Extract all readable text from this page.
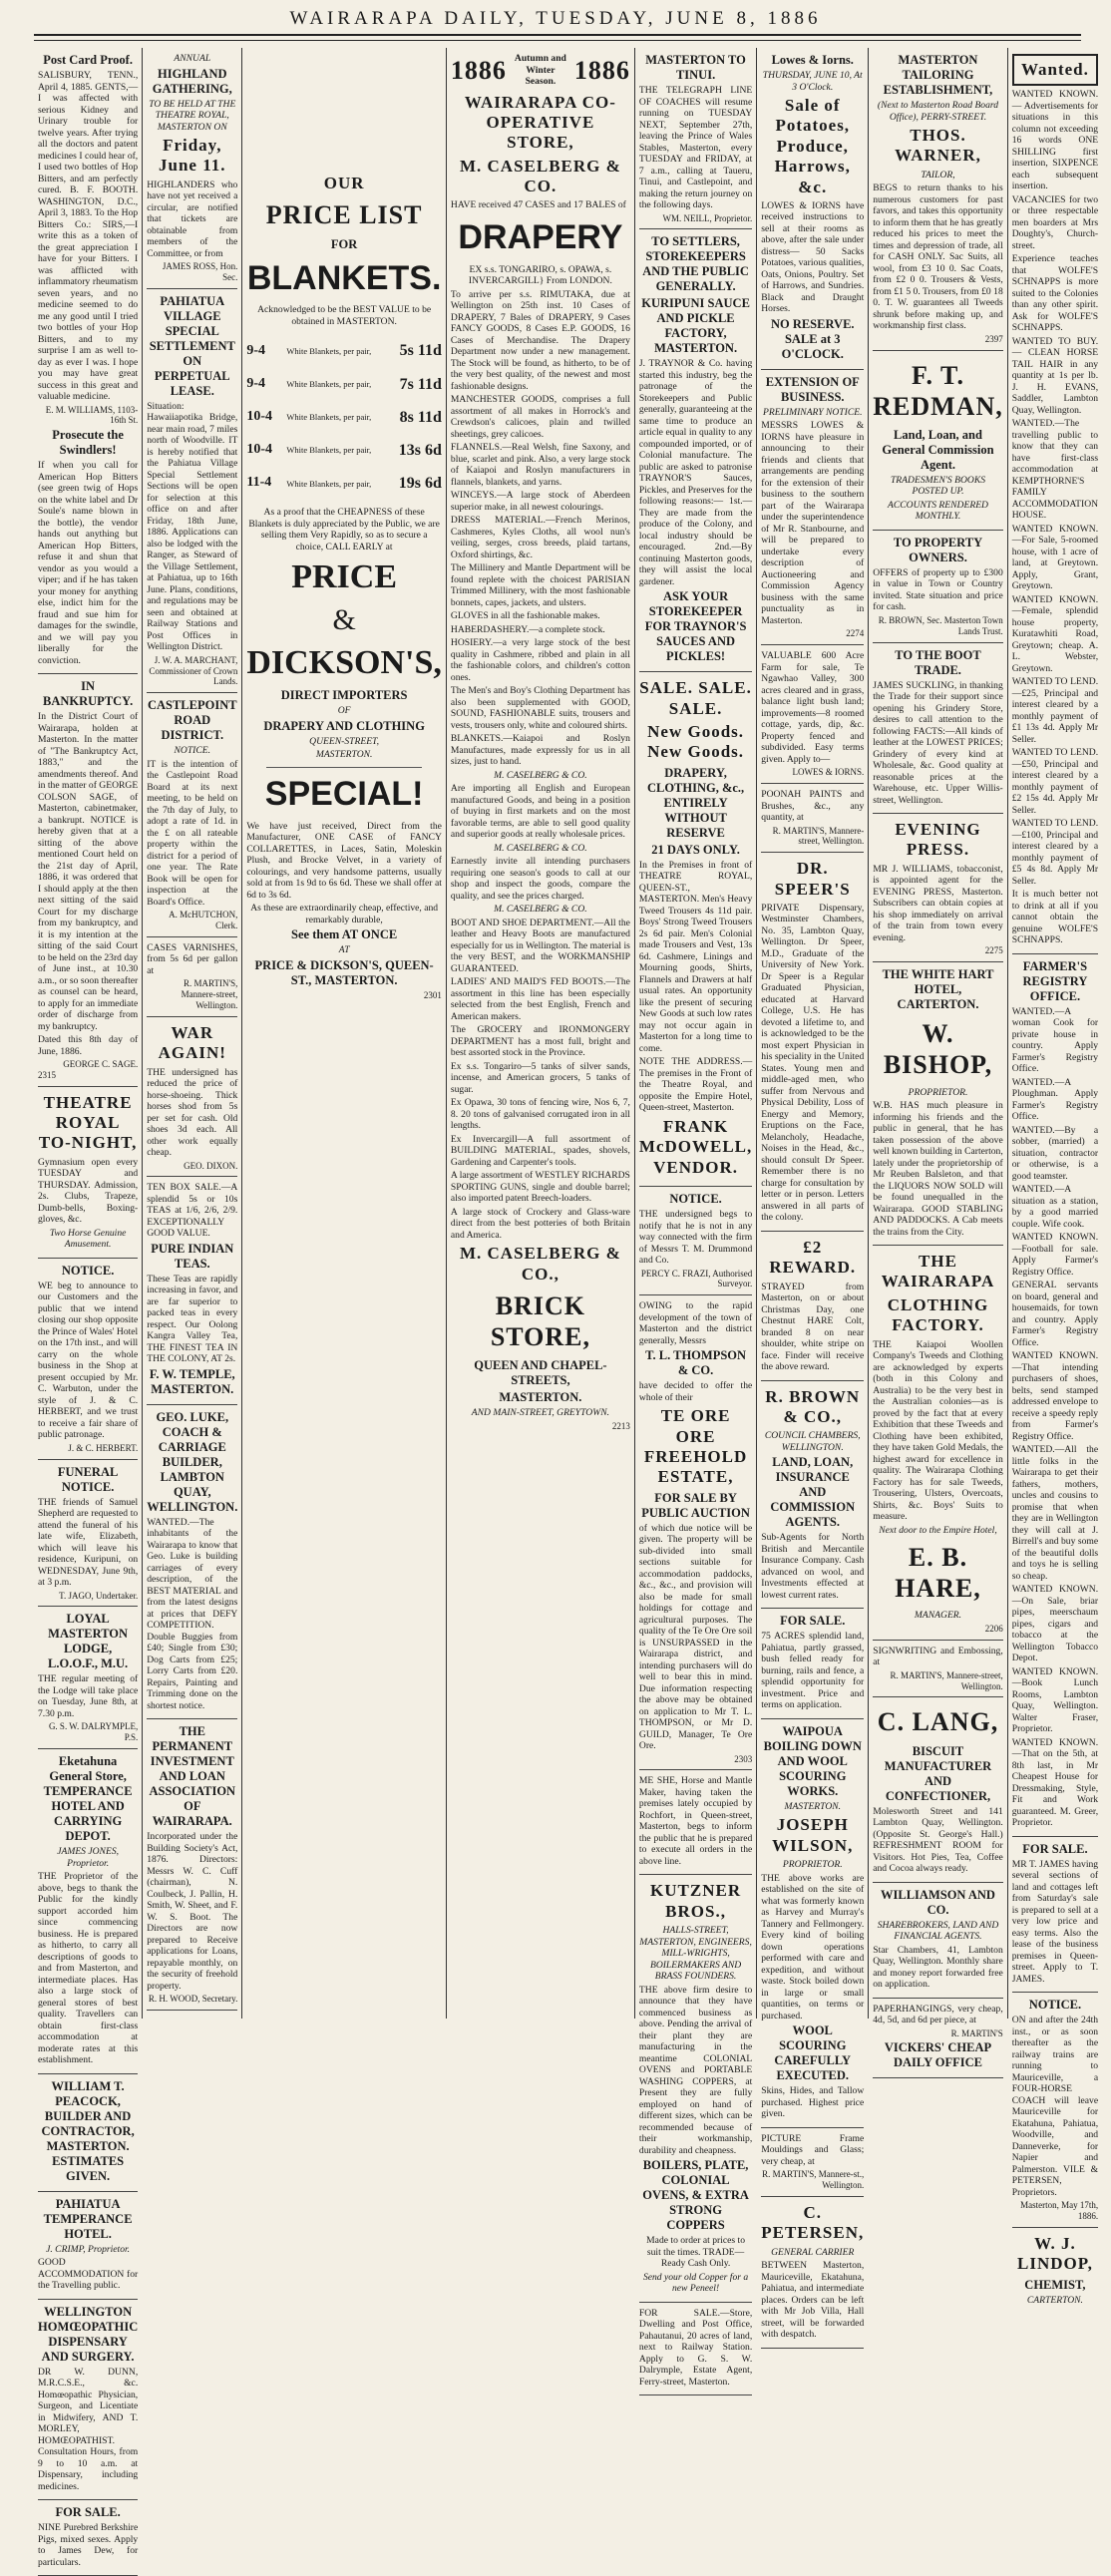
WAIRARAPA DAILY, TUESDAY, JUNE 8, 1886
Post Card Proof.
SALISBURY, TENN., April 4, 1885. GENTS,—I was affected with serious Kidney and Urinary trouble for twelve years. After trying all the doctors and patent medicines I could hear of, I used two bottles of Hop Bitters, and am perfectly cured. B. F. BOOTH. WASHINGTON, D.C., April 3, 1883. To the Hop Bitters Co.: SIRS,—I write this as a token of the great appreciation I have for your Bitters. I was afflicted with inflammatory rheumatism seven years, and no medicine seemed to do me any good until I tried two bottles of your Hop Bitters, and to my surprise I am as well to-day as ever I was. I hope you may have great success in this great and valuable medicine.
E. M. WILLIAMS, 1103-16th St.
Prosecute the Swindlers!
If when you call for American Hop Bitters (see green twig of Hops on the white label and Dr Soule's name blown in the bottle), the vendor hands out anything but American Hop Bitters, refuse it and shun that vendor as you would a viper; and if he has taken your money for anything else, indict him for the fraud and sue him for damages for the swindle, and we will pay you liberally for the conviction.
IN BANKRUPTCY.
In the District Court of Wairarapa, holden at Masterton. In the matter of "The Bankruptcy Act, 1883," and the amendments thereof. And in the matter of GEORGE COLSON SAGE, of Masterton, cabinetmaker, a bankrupt. NOTICE is hereby given that at a sitting of the above mentioned Court held on the 21st day of April, 1886, it was ordered that I should apply at the then next sitting of the said Court for my discharge from my bankruptcy, and it is my intention at the sitting of the said Court to be held on the 23rd day of June inst., at 10.30 a.m., or so soon thereafter as counsel can be heard, to apply for an immediate order of discharge from my bankruptcy.
Dated this 8th day of June, 1886.
GEORGE C. SAGE.
2315
THEATRE ROYAL TO-NIGHT,
Gymnasium open every TUESDAY and THURSDAY. Admission, 2s. Clubs, Trapeze, Dumb-bells, Boxing-gloves, &c.
Two Horse Genuine Amusement.
NOTICE.
WE beg to announce to our Customers and the public that we intend closing our shop opposite the Prince of Wales' Hotel on the 17th inst., and will carry on the whole business in the Shop at present occupied by Mr. C. Warbuton, under the style of J. & C. HERBERT, and we trust to receive a fair share of public patronage.
J. & C. HERBERT.
FUNERAL NOTICE.
THE friends of Samuel Shepherd are requested to attend the funeral of his late wife, Elizabeth, which will leave his residence, Kuripuni, on WEDNESDAY, June 9th, at 3 p.m.
T. JAGO, Undertaker.
LOYAL MASTERTON LODGE, L.O.O.F., M.U.
THE regular meeting of the Lodge will take place on Tuesday, June 8th, at 7.30 p.m.
G. S. W. DALRYMPLE, P.S.
Eketahuna General Store, TEMPERANCE HOTEL AND CARRYING DEPOT.
JAMES JONES, Proprietor.
THE Proprietor of the above, begs to thank the Public for the kindly support accorded him since commencing business. He is prepared as hitherto, to carry all descriptions of goods to and from Masterton, and intermediate places. Has also a large stock of general stores of best quality. Travellers can obtain first-class accommodation at moderate rates at this establishment.
WILLIAM T. PEACOCK, BUILDER AND CONTRACTOR, MASTERTON. ESTIMATES GIVEN.
PAHIATUA TEMPERANCE HOTEL.
J. CRIMP, Proprietor.
GOOD ACCOMMODATION for the Travelling public.
WELLINGTON HOMŒOPATHIC DISPENSARY AND SURGERY.
DR W. DUNN, M.R.C.S.E., &c. Homœopathic Physician, Surgeon, and Licentiate in Midwifery, AND T. MORLEY, HOMŒOPATHIST. Consultation Hours, from 9 to 10 a.m. at Dispensary, including medicines.
FOR SALE.
NINE Purebred Berkshire Pigs, mixed sexes. Apply to James Dew, for particulars.
ANNUAL
HIGHLAND GATHERING,
TO BE HELD AT THE THEATRE ROYAL, MASTERTON ON
Friday, June 11.
HIGHLANDERS who have not yet received a circular, are notified that tickets are obtainable from members of the Committee, or from
JAMES ROSS, Hon. Sec.
PAHIATUA VILLAGE SPECIAL SETTLEMENT ON PERPETUAL LEASE.
Situation: Hawaiiapotika Bridge, near main road, 7 miles north of Woodville. IT is hereby notified that the Pahiatua Village Special Settlement Sections will be open for selection at this office on and after Friday, 18th June, 1886. Applications can also be lodged with the Ranger, as Steward of the Village Settlement, at Pahiatua, up to 16th June. Plans, conditions, and regulations may be seen and obtained at Railway Stations and Post Offices in Wellington District.
J. W. A. MARCHANT, Commissioner of Crown Lands.
CASTLEPOINT ROAD DISTRICT.
NOTICE.
IT is the intention of the Castlepoint Road Board at its next meeting, to be held on the 7th day of July, to adopt a rate of 1d. in the £ on all rateable property within the district for a period of one year. The Rate Book will be open for inspection at the Board's Office.
A. McHUTCHON, Clerk.
CASES VARNISHES, from 5s 6d per gallon at
R. MARTIN'S, Mannere-street, Wellington.
WAR AGAIN!
THE undersigned has reduced the price of horse-shoeing. Thick horses shod from 5s per set for cash. Old shoes 3d each. All other work equally cheap.
GEO. DIXON.
TEN BOX SALE.—A splendid 5s or 10s TEAS at 1/6, 2/6, 2/9. EXCEPTIONALLY GOOD VALUE.
PURE INDIAN TEAS.
These Teas are rapidly increasing in favor, and are far superior to packed teas in every respect. Our Oolong Kangra Valley Tea, THE FINEST TEA IN THE COLONY, AT 2s.
F. W. TEMPLE, MASTERTON.
GEO. LUKE, COACH & CARRIAGE BUILDER, LAMBTON QUAY, WELLINGTON.
WANTED.—The inhabitants of the Wairarapa to know that Geo. Luke is building carriages of every description, of the BEST MATERIAL and from the latest designs at prices that DEFY COMPETITION. Double Buggies from £40; Single from £30; Dog Carts from £25; Lorry Carts from £20. Repairs, Painting and Trimming done on the shortest notice.
THE PERMANENT INVESTMENT AND LOAN ASSOCIATION OF WAIRARAPA.
Incorporated under the Building Society's Act, 1876. Directors: Messrs W. C. Cuff (chairman), N. Coulbeck, J. Pallin, H. Smith, W. Sheet, and F. W. S. Boot. The Directors are now prepared to Receive applications for Loans, repayable monthly, on the security of freehold property.
R. H. WOOD, Secretary.
OUR
PRICE LIST
FOR
BLANKETS.
Acknowledged to be the BEST VALUE to be obtained in MASTERTON.
9-4	White Blankets, per pair,	5s 11d
9-4	White Blankets, per pair,	7s 11d
10-4	White Blankets, per pair,	8s 11d
10-4	White Blankets, per pair,	13s 6d
11-4	White Blankets, per pair,	19s 6d
As a proof that the CHEAPNESS of these Blankets is duly appreciated by the Public, we are selling them Very Rapidly, so as to secure a choice, CALL EARLY at
PRICE
&
DICKSON'S,
DIRECT IMPORTERS
OF
DRAPERY AND CLOTHING
QUEEN-STREET,
MASTERTON.
SPECIAL!
We have just received, Direct from the Manufacturer, ONE CASE of FANCY COLLARETTES, in Laces, Satin, Moleskin Plush, and Brocke Velvet, in a variety of colourings, and very handsome patterns, usually sold at from 1s 9d to 6s 6d. These we shall offer at 6d to 3s 6d.
As these are extraordinarily cheap, effective, and remarkably durable,
See them AT ONCE
AT
PRICE & DICKSON'S, QUEEN-ST., MASTERTON.
2301
1886 Autumn and Winter Season. 1886
WAIRARAPA CO-OPERATIVE STORE,
M. CASELBERG & CO.
HAVE received 47 CASES and 17 BALES of
DRAPERY
EX s.s. TONGARIRO, s. OPAWA, s. INVERCARGILL} From LONDON.
To arrive per s.s. RIMUTAKA, due at Wellington on 25th inst. 10 Cases of DRAPERY, 7 Bales of DRAPERY, 9 Cases FANCY GOODS, 8 Cases E.P. GOODS, 16 Cases of Merchandise. The Drapery Department now under a new management. The Stock will be found, as hitherto, to be of the very best quality, of the newest and most fashionable designs.
MANCHESTER GOODS, comprises a full assortment of all makes in Horrock's and Crewdson's calicoes, plain and twilled sheetings, grey calicoes.
FLANNELS.—Real Welsh, fine Saxony, and blue, scarlet and pink. Also, a very large stock of Kaiapoi and Roslyn manufacturers in flannels, blankets, and yarns.
WINCEYS.—A large stock of Aberdeen superior make, in all newest colourings.
DRESS MATERIAL.—French Merinos, Cashmeres, Kyles Cloths, all wool nun's veiling, serges, cross breeds, plaid tartans, Oxford shirtings, &c.
The Millinery and Mantle Department will be found replete with the choicest PARISIAN Trimmed Millinery, with the most fashionable bonnets, capes, jackets, and ulsters.
GLOVES in all the fashionable makes.
HABERDASHERY.—a complete stock.
HOSIERY.—a very large stock of the best quality in Cashmere, ribbed and plain in all the fashionable colors, and children's cotton ones.
The Men's and Boy's Clothing Department has also been supplemented with GOOD, SOUND, FASHIONABLE suits, trousers and vests, trousers only, white and coloured shirts.
BLANKETS.—Kaiapoi and Roslyn Manufactures, made expressly for us in all sizes, just to hand.
M. CASELBERG & CO.
Are importing all English and European manufactured Goods, and being in a position of buying in first markets and on the most favorable terms, are able to sell good quality and superior goods at really wholesale prices.
M. CASELBERG & CO.
Earnestly invite all intending purchasers requiring one season's goods to call at our shop and inspect the goods, compare the quality, and see the prices charged.
M. CASELBERG & CO.
BOOT AND SHOE DEPARTMENT.—All the leather and Heavy Boots are manufactured especially for us in Wellington. The material is the very BEST, and the WORKMANSHIP GUARANTEED.
LADIES' AND MAID'S FED BOOTS.—The assortment in this line has been especially selected from the best English, French and American makers.
The GROCERY and IRONMONGERY DEPARTMENT has a most full, bright and best assorted stock in the Province.
Ex s.s. Tongariro—5 tanks of silver sands, incense, and American grocers, 5 tanks of sugar.
Ex Opawa, 30 tons of fencing wire, Nos 6, 7, 8. 20 tons of galvanised corrugated iron in all lengths.
Ex Invercargill—A full assortment of BUILDING MATERIAL, spades, shovels, Gardening and Carpenter's tools.
A large assortment of WESTLEY RICHARDS SPORTING GUNS, single and double barrel; also imported patent Breech-loaders.
A large stock of Crockery and Glass-ware direct from the best potteries of both Britain and America.
M. CASELBERG & CO.,
BRICK STORE,
QUEEN AND CHAPEL-STREETS,
MASTERTON.
AND MAIN-STREET, GREYTOWN.
2213
MASTERTON TO TINUI.
THE TELEGRAPH LINE OF COACHES will resume running on TUESDAY NEXT, September 27th, leaving the Prince of Wales Stables, Masterton, every TUESDAY and FRIDAY, at 7 a.m., calling at Taueru, Tinui, and Castlepoint, and making the return journey on the following days.
WM. NEILL, Proprietor.
TO SETTLERS, STOREKEEPERS AND THE PUBLIC GENERALLY.
KURIPUNI SAUCE AND PICKLE FACTORY, MASTERTON.
J. TRAYNOR & Co. having started this industry, beg the patronage of the Storekeepers and Public generally, guaranteeing at the same time to produce an article equal in quality to any compounded imported, or of Colonial manufacture. The public are asked to patronise TRAYNOR'S Sauces, Pickles, and Preserves for the following reasons:— 1st.—They are made from the produce of the Colony, and local industry should be encouraged. 2nd.—By continuing Masterton goods, they will assist the local gardener.
ASK YOUR STOREKEEPER FOR TRAYNOR'S SAUCES AND PICKLES!
SALE. SALE. SALE.
New Goods. New Goods.
DRAPERY, CLOTHING, &c., ENTIRELY WITHOUT RESERVE
21 DAYS ONLY.
In the Premises in front of THEATRE ROYAL, QUEEN-ST., MASTERTON. Men's Heavy Tweed Trousers 4s 11d pair. Boys' Strong Tweed Trousers 2s 6d pair. Men's Colonial made Trousers and Vest, 13s 6d. Cashmere, Linings and Mourning goods, Shirts, Flannels and Drawers at half usual rates. An opportunity like the present of securing New Goods at such low rates may not occur again in Masterton for a long time to come.
NOTE THE ADDRESS.— The premises in the Front of the Theatre Royal, and opposite the Empire Hotel, Queen-street, Masterton.
FRANK McDOWELL, VENDOR.
NOTICE.
THE undersigned begs to notify that he is not in any way connected with the firm of Messrs T. M. Drummond and Co.
PERCY C. FRAZI, Authorised Surveyor.
OWING to the rapid development of the town of Masterton and the district generally, Messrs
T. L. THOMPSON & CO.
have decided to offer the whole of their
TE ORE ORE FREEHOLD ESTATE,
FOR SALE BY PUBLIC AUCTION
of which due notice will be given. The property will be sub-divided into small sections suitable for accommodation paddocks, &c., &c., and provision will also be made for small holdings for cottage and agricultural purposes. The quality of the Te Ore Ore soil is UNSURPASSED in the Wairarapa district, and intending purchasers will do well to bear this in mind. Due information respecting the above may be obtained on application to Mr T. L. THOMPSON, or Mr D. GUILD, Manager, Te Ore Ore.
2303
ME SHE, Horse and Mantle Maker, having taken the premises lately occupied by Rochfort, in Queen-street, Masterton, begs to inform the public that he is prepared to execute all orders in the above line.
KUTZNER BROS.,
HALLS-STREET, MASTERTON, ENGINEERS, MILL-WRIGHTS, BOILERMAKERS AND BRASS FOUNDERS.
THE above firm desire to announce that they have commenced business as above. Pending the arrival of their plant they are manufacturing in the meantime COLONIAL OVENS and PORTABLE WASHING COPPERS, at Present they are fully employed on hand of different sizes, which can be recommended because of their workmanship, durability and cheapness.
BOILERS, PLATE, COLONIAL OVENS, & EXTRA STRONG COPPERS
Made to order at prices to suit the times. TRADE—Ready Cash Only.
Send your old Copper for a new Peneel!
FOR SALE.—Store, Dwelling and Post Office, Pahautanui, 20 acres of land, next to Railway Station. Apply to G. S. W. Dalrymple, Estate Agent, Ferry-street, Masterton.
Lowes & Iorns.
THURSDAY, JUNE 10, At 3 O'Clock.
Sale of Potatoes, Produce, Harrows, &c.
LOWES & IORNS have received instructions to sell at their rooms as above, after the sale under distress— 50 Sacks Potatoes, various qualities, Oats, Onions, Poultry. Set of Harrows, and Sundries. Black and Draught Horses.
NO RESERVE. SALE at 3 O'CLOCK.
EXTENSION OF BUSINESS.
PRELIMINARY NOTICE.
MESSRS LOWES & IORNS have pleasure in announcing to their friends and clients that arrangements are pending for the extension of their business to the southern part of the Wairarapa under the superintendence of Mr R. Stanbourne, and will be prepared to undertake every description of Auctioneering and Commission Agency business with the same punctuality as in Masterton.
2274
VALUABLE 600 Acre Farm for sale, Te Ngawhao Valley, 300 acres cleared and in grass, balance light bush land; improvements—8 roomed cottage, yards, dip, &c. Property fenced and subdivided. Easy terms given. Apply to—
LOWES & IORNS.
POONAH PAINTS and Brushes, &c., any quantity, at
R. MARTIN'S, Mannere-street, Wellington.
DR. SPEER'S
PRIVATE Dispensary, Westminster Chambers, No. 35, Lambton Quay, Wellington. Dr Speer, M.D., Graduate of the University of New York. Dr Speer is a Regular Graduated Physician, educated at Harvard College, U.S. He has devoted a lifetime to, and is acknowledged to be the most expert Physician in his speciality in the United States. Young men and middle-aged men, who suffer from Nervous and Physical Debility, Loss of Energy and Memory, Eruptions on the Face, Melancholy, Headache, Noises in the Head, &c., should consult Dr Speer. Remember there is no charge for consultation by letter or in person. Letters answered in all parts of the colony.
£2 REWARD.
STRAYED from Masterton, on or about Christmas Day, one Chestnut HARE Colt, branded 8 on near shoulder, white stripe on face. Finder will receive the above reward.
R. BROWN & CO.,
COUNCIL CHAMBERS, WELLINGTON.
LAND, LOAN, INSURANCE AND COMMISSION AGENTS.
Sub-Agents for North British and Mercantile Insurance Company. Cash advanced on wool, and Investments effected at lowest current rates.
FOR SALE.
75 ACRES splendid land, Pahiatua, partly grassed, bush felled ready for burning, rails and fence, a splendid opportunity for investment. Price and terms on application.
WAIPOUA BOILING DOWN AND WOOL SCOURING WORKS.
MASTERTON.
JOSEPH WILSON,
PROPRIETOR.
THE above works are established on the site of what was formerly known as Harvey and Murray's Tannery and Fellmongery. Every kind of boiling down operations performed with care and expedition, and without waste. Stock boiled down in large or small quantities, on terms or purchased.
WOOL SCOURING CAREFULLY EXECUTED.
Skins, Hides, and Tallow purchased. Highest price given.
PICTURE Frame Mouldings and Glass; very cheap, at
R. MARTIN'S, Mannere-st., Wellington.
C. PETERSEN,
GENERAL CARRIER
BETWEEN Masterton, Mauriceville, Ekatahuna, Pahiatua, and intermediate places. Orders can be left with Mr Job Villa, Hall street, will be forwarded with despatch.
MASTERTON TAILORING ESTABLISHMENT,
(Next to Masterton Road Board Office), PERRY-STREET.
THOS. WARNER,
TAILOR,
BEGS to return thanks to his numerous customers for past favors, and takes this opportunity to inform them that he has greatly reduced his prices to meet the times and depression of trade, all for CASH ONLY. Sac Suits, all wool, from £3 10 0. Sac Coats, from £2 0 0. Trousers & Vests, from £1 5 0. Trousers, from £0 18 0. T. W. guarantees all Tweeds shrunk before making up, and workmanship first class.
2397
F. T. REDMAN,
Land, Loan, and General Commission Agent.
TRADESMEN'S BOOKS POSTED UP.
ACCOUNTS RENDERED MONTHLY.
TO PROPERTY OWNERS.
OFFERS of property up to £300 in value in Town or Country invited. State situation and price for cash.
R. BROWN, Sec. Masterton Town Lands Trust.
TO THE BOOT TRADE.
JAMES SUCKLING, in thanking the Trade for their support since opening his Grindery Store, desires to call attention to the following FACTS:—All kinds of leather at the LOWEST PRICES; Grindery of every kind at Wholesale, &c. Good quality at reasonable prices at the Warehouse, etc. Upper Willis-street, Wellington.
EVENING PRESS.
MR J. WILLIAMS, tobacconist, is appointed agent for the EVENING PRESS, Masterton. Subscribers can obtain copies at his shop immediately on arrival of the train from town every evening.
2275
THE WHITE HART HOTEL, CARTERTON.
W. BISHOP,
PROPRIETOR.
W.B. HAS much pleasure in informing his friends and the public in general, that he has taken possession of the above well known building in Carterton, lately under the proprietorship of Mr Reuben Balsleton, and that the LIQUORS NOW SOLD will be found unequalled in the Wairarapa. GOOD STABLING AND PADDOCKS. A Cab meets the trains from the City.
THE WAIRARAPA
CLOTHING FACTORY.
THE Kaiapoi Woollen Company's Tweeds and Clothing are acknowledged by experts (both in this Colony and Australia) to be the very best in the Australian colonies—as is proved by the fact that at every Exhibition that these Tweeds and Clothing have been exhibited, they have taken Gold Medals, the highest award for excellence in quality. The Wairarapa Clothing Factory has for sale Tweeds, Trousering, Ulsters, Overcoats, Shirts, &c. Boys' Suits to measure.
Next door to the Empire Hotel,
E. B. HARE,
MANAGER.
2206
SIGNWRITING and Embossing, at
R. MARTIN'S, Mannere-street, Wellington.
C. LANG,
BISCUIT MANUFACTURER AND CONFECTIONER,
Molesworth Street and 141 Lambton Quay, Wellington. (Opposite St. George's Hall.) REFRESHMENT ROOM for Visitors. Hot Pies, Tea, Coffee and Cocoa always ready.
WILLIAMSON AND CO.
SHAREBROKERS, LAND AND FINANCIAL AGENTS.
Star Chambers, 41, Lambton Quay, Wellington. Monthly share and money report forwarded free on application.
PAPERHANGINGS, very cheap, 4d, 5d, and 6d per piece, at
R. MARTIN'S
VICKERS' CHEAP DAILY OFFICE
Wanted.
WANTED KNOWN.— Advertisements for situations in this column not exceeding 16 words ONE SHILLING first insertion, SIXPENCE each subsequent insertion.
VACANCIES for two or three respectable men boarders at Mrs Doughty's, Church-street.
Experience teaches that WOLFE'S SCHNAPPS is more suited to the Colonies than any other spirit. Ask for WOLFE'S SCHNAPPS.
WANTED TO BUY.— CLEAN HORSE TAIL HAIR in any quantity at 1s per lb. J. H. EVANS, Saddler, Lambton Quay, Wellington.
WANTED.—The travelling public to know that they can have first-class accommodation at KEMPTHORNE'S FAMILY ACCOMMODATION HOUSE.
WANTED KNOWN.—For Sale, 5-roomed house, with 1 acre of land, at Greytown. Apply, Grant, Greytown.
WANTED KNOWN.—Female, splendid house property, Kuratawhiti Road, Greytown; cheap. A. L. Webster, Greytown.
WANTED TO LEND.—£25, Principal and interest cleared by a monthly payment of £1 13s 4d. Apply Mr Seller.
WANTED TO LEND.—£50, Principal and interest cleared by a monthly payment of £2 15s 4d. Apply Mr Seller.
WANTED TO LEND.—£100, Principal and interest cleared by a monthly payment of £5 4s 8d. Apply Mr Seller.
It is much better not to drink at all if you cannot obtain the genuine WOLFE'S SCHNAPPS.
FARMER'S REGISTRY OFFICE.
WANTED.—A woman Cook for private house in country. Apply Farmer's Registry Office.
WANTED.—A Ploughman. Apply Farmer's Registry Office.
WANTED.—By a sobber, (married) a situation, contractor or otherwise, is a good teamster.
WANTED.—A situation as a station, by a good married couple. Wife cook.
WANTED KNOWN.—Football for sale. Apply Farmer's Registry Office.
GENERAL servants on board, general and housemaids, for town and country. Apply Farmer's Registry Office.
WANTED KNOWN.—That intending purchasers of shoes, belts, send stamped addressed envelope to receive a speedy reply from Farmer's Registry Office.
WANTED.—All the little folks in the Wairarapa to get their fathers, mothers, uncles and cousins to promise that when they are in Wellington they will call at J. Birrell's and buy some of the beautiful dolls and toys he is selling so cheap.
WANTED KNOWN.—On Sale, briar pipes, meerschaum pipes, cigars and tobacco at the Wellington Tobacco Depot.
WANTED KNOWN.—Book Lunch Rooms, Lambton Quay, Wellington. Walter Fraser, Proprietor.
WANTED KNOWN.—That on the 5th, at 8th last, in Mr Cheapest House for Dressmaking, Style, Fit and Work guaranteed. M. Greer, Proprietor.
FOR SALE.
MR T. JAMES having several sections of land and cottages left from Saturday's sale is prepared to sell at a very low price and easy terms. Also the lease of the business premises in Queen-street. Apply to T. JAMES.
NOTICE.
ON and after the 24th inst., or as soon thereafter as the railway trains are running to Mauriceville, a FOUR-HORSE COACH will leave Mauriceville for Ekatahuna, Pahiatua, Woodville, and Danneverke, for Napier and Palmerston. VILE & PETERSEN, Proprietors.
Masterton, May 17th, 1886.
W. J. LINDOP,
CHEMIST,
CARTERTON.
